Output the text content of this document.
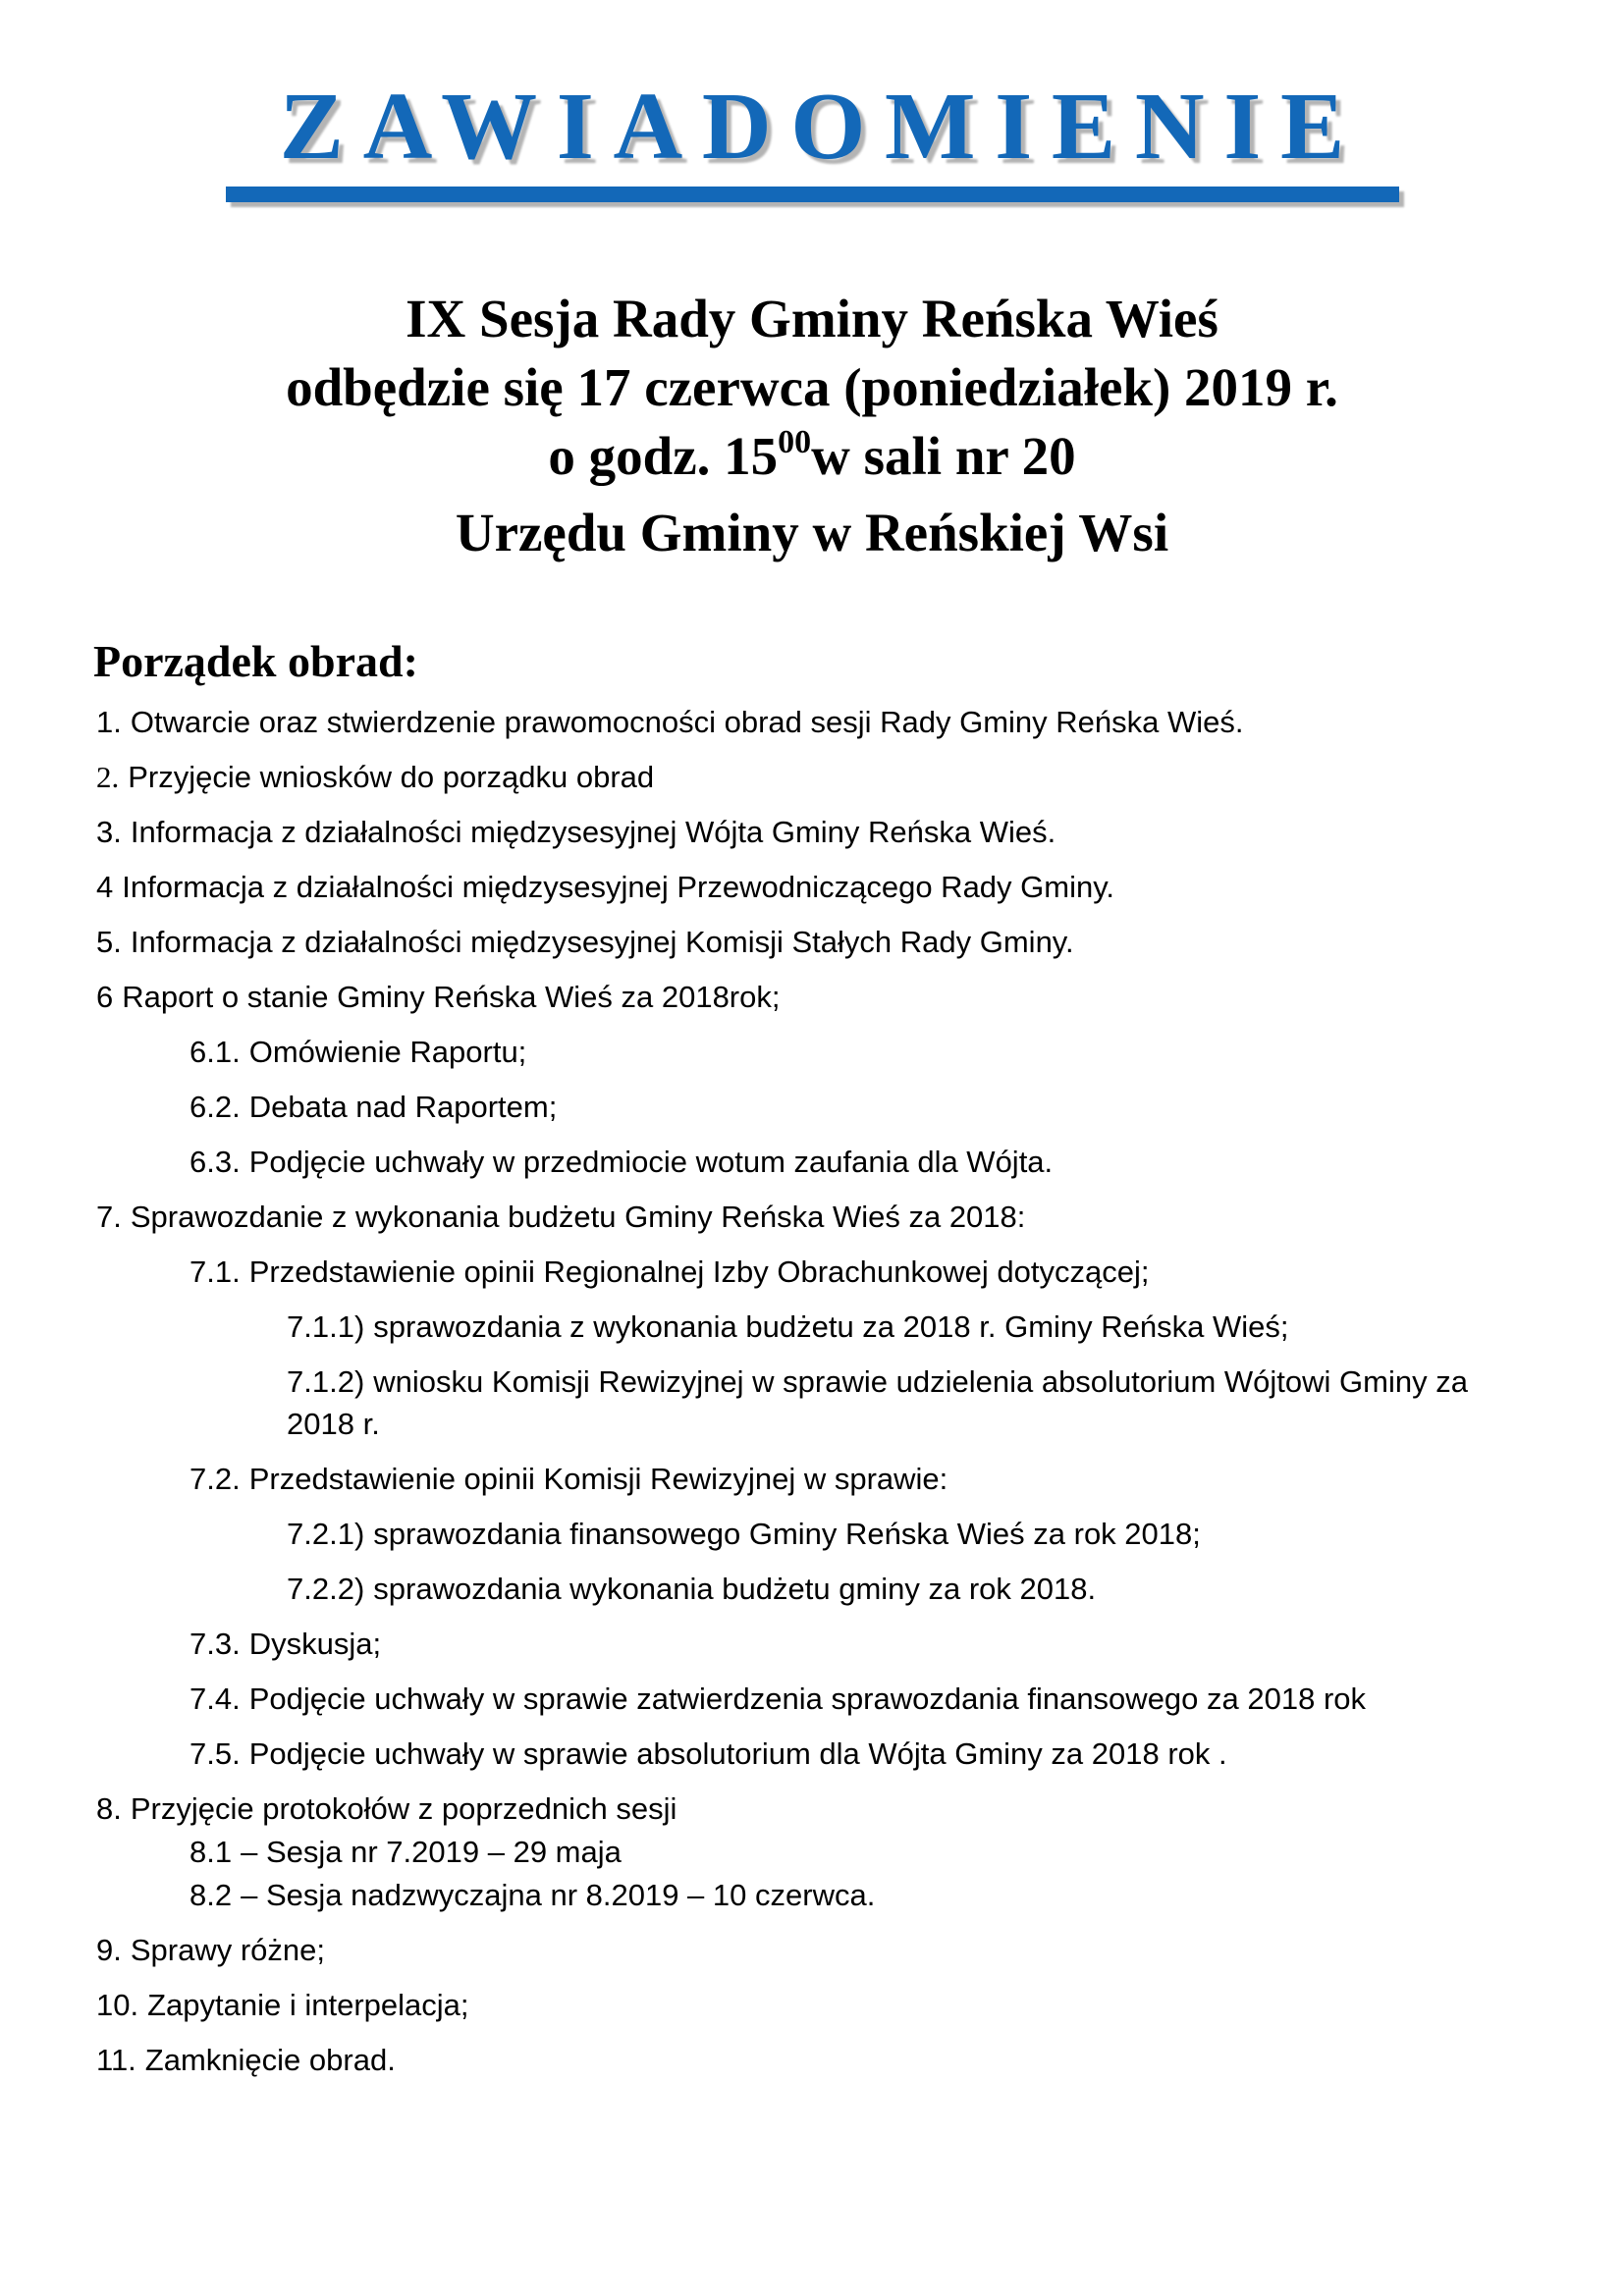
ZAWIADOMIENIE
IX Sesja Rady Gminy Reńska Wieś
odbędzie się 17 czerwca (poniedziałek) 2019 r.
o godz. $15^{00}w$ sali nr 20
Urzędu Gminy w Reńskiej Wsi
Porządek obrad:

1. Otwarcie oraz stwierdzenie prawomocności obrad sesji Rady Gminy Reńska Wieś.

2. Przyjęcie wniosków do porządku obrad

3. Informacja z działalności międzysesyjnej Wójta Gminy Reńska Wieś.

4 Informacja z działalności międzysesyjnej Przewodniczącego Rady Gminy.

5. Informacja z działalności międzysesyjnej Komisji Stałych Rady Gminy.

6 Raport o stanie Gminy Reńska Wieś za 2018rok;

6.1. Omówienie Raportu;

6.2. Debata nad Raportem;

6.3. Podjęcie uchwały w przedmiocie wotum zaufania dla Wójta.

7. Sprawozdanie z wykonania budżetu Gminy Reńska Wieś za 2018:

7.1. Przedstawienie opinii Regionalnej Izby Obrachunkowej dotyczącej;

7.1.1) sprawozdania z wykonania budżetu za 2018 r. Gminy Reńska Wieś;

7.1.2) wniosku Komisji Rewizyjnej w sprawie udzielenia absolutorium Wójtowi Gminy za 2018 r.

7.2. Przedstawienie opinii Komisji Rewizyjnej w sprawie:

7.2.1) sprawozdania finansowego Gminy Reńska Wieś za rok 2018;

7.2.2) sprawozdania wykonania budżetu gminy za rok 2018.

7.3. Dyskusja;

7.4. Podjęcie uchwały w sprawie zatwierdzenia sprawozdania finansowego za 2018 rok

7.5. Podjęcie uchwały w sprawie absolutorium dla Wójta Gminy za 2018 rok .

8. Przyjęcie protokołów z poprzednich sesji

8.1 – Sesja nr 7.2019 – 29 maja

8.2 – Sesja nadzwyczajna nr 8.2019 – 10 czerwca.

9. Sprawy różne;

10. Zapytanie i interpelacja;

11. Zamknięcie obrad.
